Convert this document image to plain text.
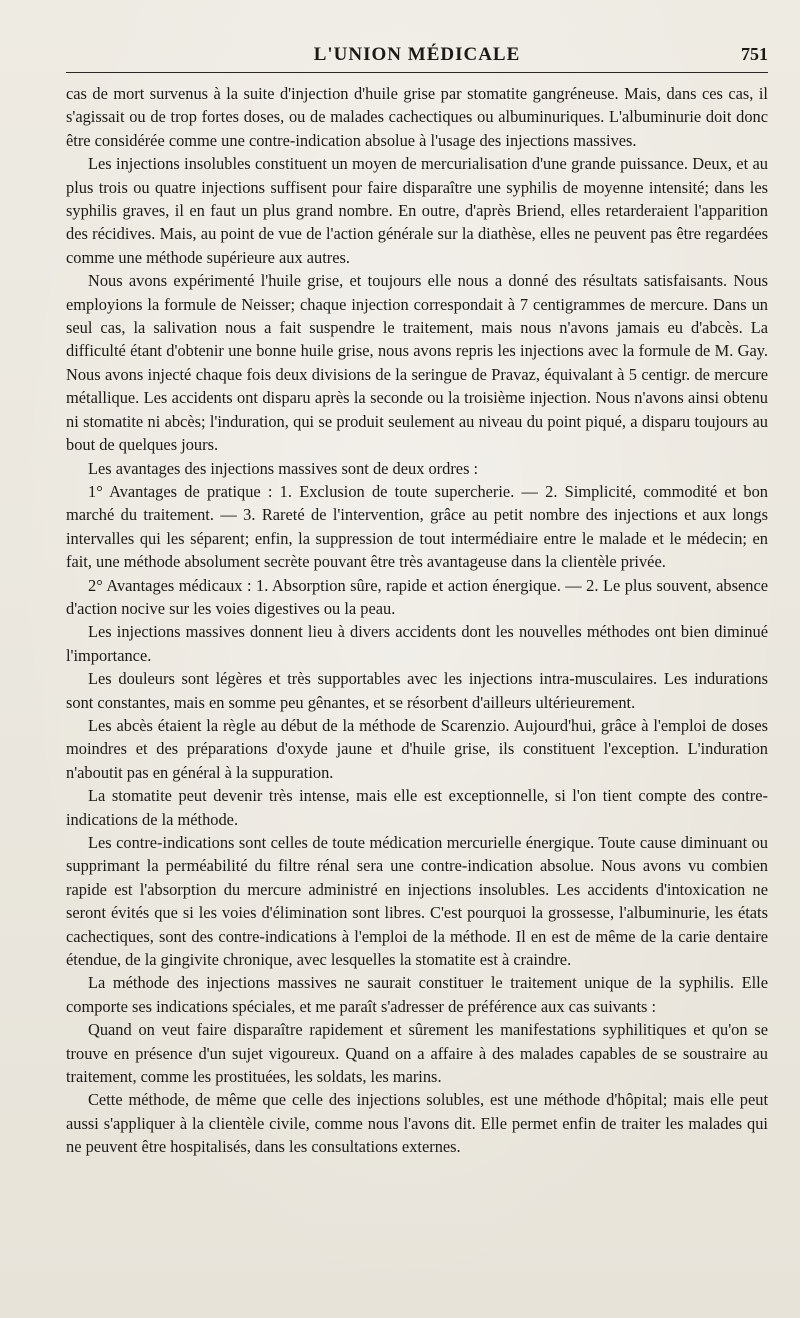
L'UNION MÉDICALE	751

cas de mort survenus à la suite d'injection d'huile grise par stomatite gangréneuse. Mais, dans ces cas, il s'agissait ou de trop fortes doses, ou de malades cachectiques ou albuminuriques. L'albuminurie doit donc être considérée comme une contre-indication absolue à l'usage des injections massives.

Les injections insolubles constituent un moyen de mercurialisation d'une grande puissance. Deux, et au plus trois ou quatre injections suffisent pour faire disparaître une syphilis de moyenne intensité; dans les syphilis graves, il en faut un plus grand nombre. En outre, d'après Briend, elles retarderaient l'apparition des récidives. Mais, au point de vue de l'action générale sur la diathèse, elles ne peuvent pas être regardées comme une méthode supérieure aux autres.

Nous avons expérimenté l'huile grise, et toujours elle nous a donné des résultats satisfaisants. Nous employions la formule de Neisser; chaque injection correspondait à 7 centigrammes de mercure. Dans un seul cas, la salivation nous a fait suspendre le traitement, mais nous n'avons jamais eu d'abcès. La difficulté étant d'obtenir une bonne huile grise, nous avons repris les injections avec la formule de M. Gay. Nous avons injecté chaque fois deux divisions de la seringue de Pravaz, équivalant à 5 centigr. de mercure métallique. Les accidents ont disparu après la seconde ou la troisième injection. Nous n'avons ainsi obtenu ni stomatite ni abcès; l'induration, qui se produit seulement au niveau du point piqué, a disparu toujours au bout de quelques jours.

Les avantages des injections massives sont de deux ordres :

1° Avantages de pratique : 1. Exclusion de toute supercherie. — 2. Simplicité, commodité et bon marché du traitement. — 3. Rareté de l'intervention, grâce au petit nombre des injections et aux longs intervalles qui les séparent; enfin, la suppression de tout intermédiaire entre le malade et le médecin; en fait, une méthode absolument secrète pouvant être très avantageuse dans la clientèle privée.

2° Avantages médicaux : 1. Absorption sûre, rapide et action énergique. — 2. Le plus souvent, absence d'action nocive sur les voies digestives ou la peau.

Les injections massives donnent lieu à divers accidents dont les nouvelles méthodes ont bien diminué l'importance.

Les douleurs sont légères et très supportables avec les injections intra-musculaires. Les indurations sont constantes, mais en somme peu gênantes, et se résorbent d'ailleurs ultérieurement.

Les abcès étaient la règle au début de la méthode de Scarenzio. Aujourd'hui, grâce à l'emploi de doses moindres et des préparations d'oxyde jaune et d'huile grise, ils constituent l'exception. L'induration n'aboutit pas en général à la suppuration.

La stomatite peut devenir très intense, mais elle est exceptionnelle, si l'on tient compte des contre-indications de la méthode.

Les contre-indications sont celles de toute médication mercurielle énergique. Toute cause diminuant ou supprimant la perméabilité du filtre rénal sera une contre-indication absolue. Nous avons vu combien rapide est l'absorption du mercure administré en injections insolubles. Les accidents d'intoxication ne seront évités que si les voies d'élimination sont libres. C'est pourquoi la grossesse, l'albuminurie, les états cachectiques, sont des contre-indications à l'emploi de la méthode. Il en est de même de la carie dentaire étendue, de la gingivite chronique, avec lesquelles la stomatite est à craindre.

La méthode des injections massives ne saurait constituer le traitement unique de la syphilis. Elle comporte ses indications spéciales, et me paraît s'adresser de préférence aux cas suivants :

Quand on veut faire disparaître rapidement et sûrement les manifestations syphilitiques et qu'on se trouve en présence d'un sujet vigoureux. Quand on a affaire à des malades capables de se soustraire au traitement, comme les prostituées, les soldats, les marins.

Cette méthode, de même que celle des injections solubles, est une méthode d'hôpital; mais elle peut aussi s'appliquer à la clientèle civile, comme nous l'avons dit. Elle permet enfin de traiter les malades qui ne peuvent être hospitalisés, dans les consultations externes.
